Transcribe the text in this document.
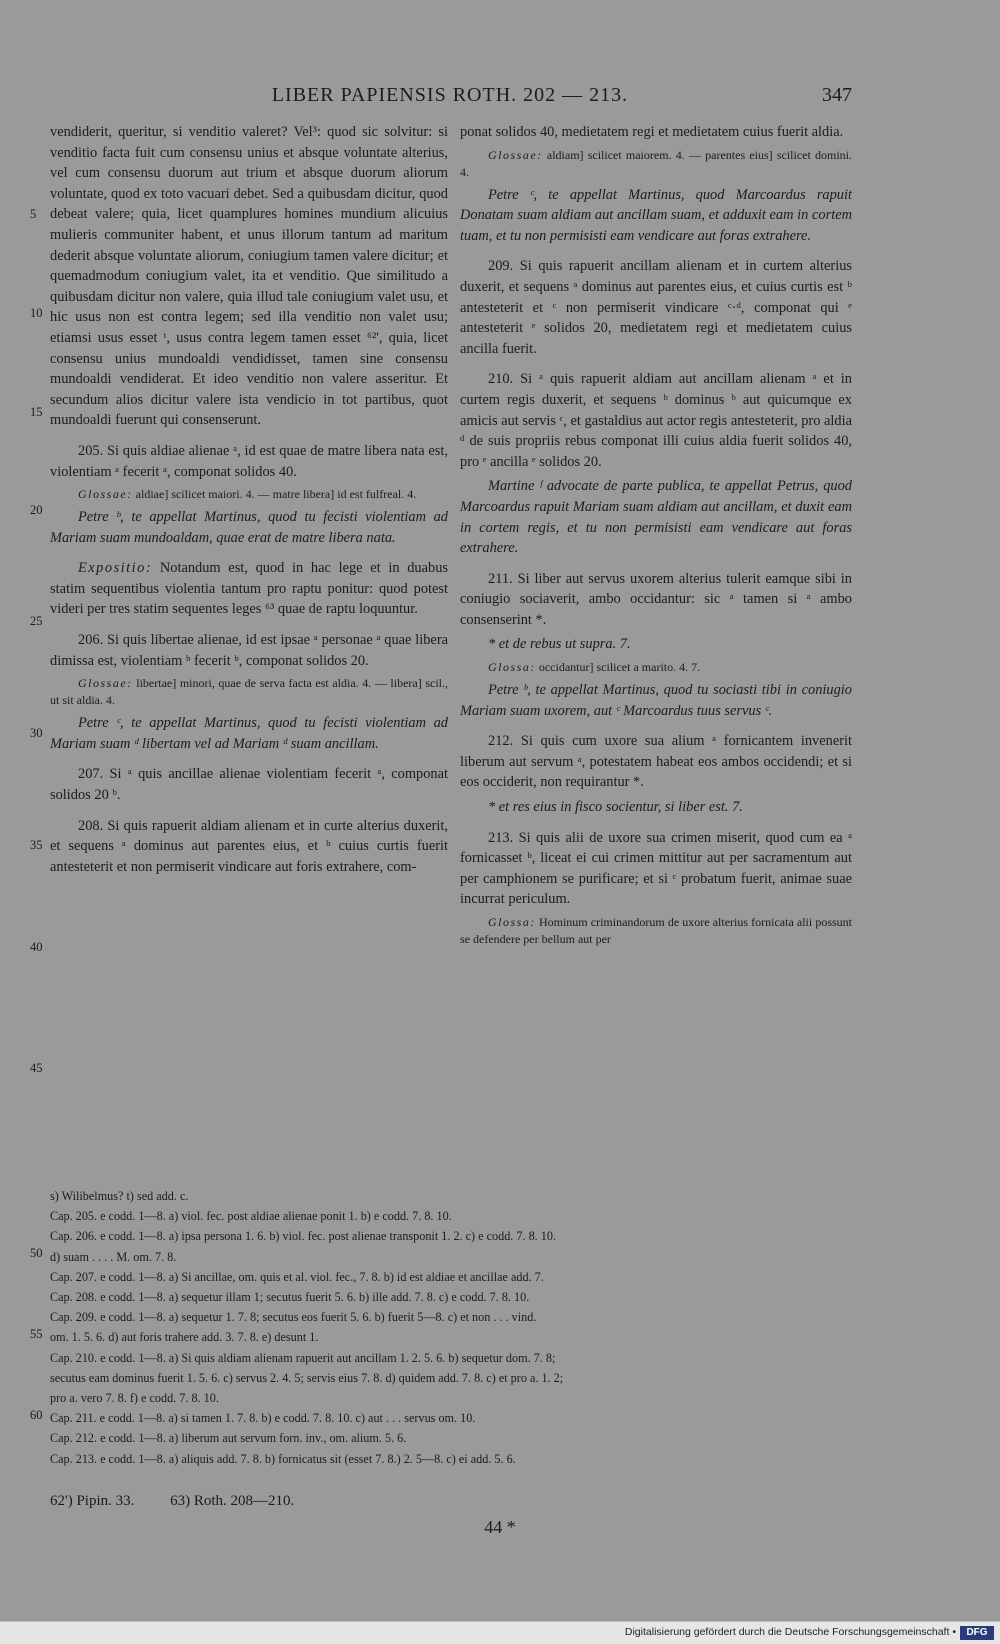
LIBER PAPIENSIS ROTH. 202 — 213.	347
5
10
15
20
25
30
35
40
45

vendiderit, queritur, si venditio valeret? Vel³: quod sic solvitur: si venditio facta fuit cum consensu unius et absque voluntate alterius, vel cum consensu duorum aut trium et absque duorum aliorum voluntate, quod ex toto vacuari debet. Sed a quibusdam dicitur, quod debeat valere; quia, licet quamplures homines mundium alicuius mulieris communiter habent, et unus illorum tantum ad maritum dederit absque voluntate aliorum, coniugium tamen valere dicitur; et quemadmodum coniugium valet, ita et venditio. Que similitudo a quibusdam dicitur non valere, quia illud tale coniugium valet usu, et hic usus non est contra legem; sed illa venditio non valet usu; etiamsi usus esset ᵗ, usus contra legem tamen esset ⁶²', quia, licet consensu unius mundoaldi vendidisset, tamen sine consensu mundoaldi vendiderat. Et ideo venditio non valere asseritur. Et secundum alios dicitur valere ista vendicio in tot partibus, quot mundoaldi fuerunt qui consenserunt.

205. Si quis aldiae alienae ᵃ, id est quae de matre libera nata est, violentiam ᵃ fecerit ᵃ, componat solidos 40.

Glossae: aldiae] scilicet maiori. 4. — matre libera] id est fulfreal. 4.

Petre ᵇ, te appellat Martinus, quod tu fecisti violentiam ad Mariam suam mundoaldam, quae erat de matre libera nata.

Expositio: Notandum est, quod in hac lege et in duabus statim sequentibus violentia tantum pro raptu ponitur: quod potest videri per tres statim sequentes leges ⁶³ quae de raptu loquuntur.

206. Si quis libertae alienae, id est ipsae ᵃ personae ᵃ quae libera dimissa est, violentiam ᵇ fecerit ᵇ, componat solidos 20.

Glossae: libertae] minori, quae de serva facta est aldia. 4. — libera] scil., ut sit aldia. 4.

Petre ᶜ, te appellat Martinus, quod tu fecisti violentiam ad Mariam suam ᵈ libertam vel ad Mariam ᵈ suam ancillam.

207. Si ᵃ quis ancillae alienae violentiam fecerit ᵃ, componat solidos 20 ᵇ.

208. Si quis rapuerit aldiam alienam et in curte alterius duxerit, et sequens ᵃ dominus aut parentes eius, et ᵇ cuius curtis fuerit antesteterit et non permiserit vindicare aut foris extrahere, com-

ponat solidos 40, medietatem regi et medietatem cuius fuerit aldia.

Glossae: aldiam] scilicet maiorem. 4. — parentes eius] scilicet domini. 4.

Petre ᶜ, te appellat Martinus, quod Marcoardus rapuit Donatam suam aldiam aut ancillam suam, et adduxit eam in cortem tuam, et tu non permisisti eam vendicare aut foras extrahere.

209. Si quis rapuerit ancillam alienam et in curtem alterius duxerit, et sequens ᵃ dominus aut parentes eius, et cuius curtis est ᵇ antesteterit et ᶜ non permiserit vindicare ᶜ·ᵈ, componat qui ᵉ antesteterit ᵉ solidos 20, medietatem regi et medietatem cuius ancilla fuerit.

210. Si ᵃ quis rapuerit aldiam aut ancillam alienam ᵃ et in curtem regis duxerit, et sequens ᵇ dominus ᵇ aut quicumque ex amicis aut servis ᶜ, et gastaldius aut actor regis antesteterit, pro aldia ᵈ de suis propriis rebus componat illi cuius aldia fuerit solidos 40, pro ᵉ ancilla ᵉ solidos 20.

Martine ᶠ advocate de parte publica, te appellat Petrus, quod Marcoardus rapuit Mariam suam aldiam aut ancillam, et duxit eam in cortem regis, et tu non permisisti eam vendicare aut foras extrahere.

211. Si liber aut servus uxorem alterius tulerit eamque sibi in coniugio sociaverit, ambo occidantur: sic ᵃ tamen si ᵃ ambo consenserint *.

* et de rebus ut supra. 7.

Glossa: occidantur] scilicet a marito. 4. 7.

Petre ᵇ, te appellat Martinus, quod tu sociasti tibi in coniugio Mariam suam uxorem, aut ᶜ Marcoardus tuus servus ᶜ.

212. Si quis cum uxore sua alium ᵃ fornicantem invenerit liberum aut servum ᵃ, potestatem habeat eos ambos occidendi; et si eos occiderit, non requirantur *.

* et res eius in fisco socientur, si liber est. 7.

213. Si quis alii de uxore sua crimen miserit, quod cum ea ᵃ fornicasset ᵇ, liceat ei cui crimen mittitur aut per sacramentum aut per camphionem se purificare; et si ᶜ probatum fuerit, animae suae incurrat periculum.

Glossa: Hominum criminandorum de uxore alterius fornicata alii possunt se defendere per bellum aut per

50
55
60
s) Wilibelmus? t) sed add. c.
Cap. 205. e codd. 1—8. a) viol. fec. post aldiae alienae ponit 1. b) e codd. 7. 8. 10.
Cap. 206. e codd. 1—8. a) ipsa persona 1. 6. b) viol. fec. post alienae transponit 1. 2. c) e codd. 7. 8. 10.
d) suam . . . . M. om. 7. 8.
Cap. 207. e codd. 1—8. a) Si ancillae, om. quis et al. viol. fec., 7. 8. b) id est aldiae et ancillae add. 7.
Cap. 208. e codd. 1—8. a) sequetur illam 1; secutus fuerit 5. 6. b) ille add. 7. 8. c) e codd. 7. 8. 10.
Cap. 209. e codd. 1—8. a) sequetur 1. 7. 8; secutus eos fuerit 5. 6. b) fuerit 5—8. c) et non . . . vind.
om. 1. 5. 6. d) aut foris trahere add. 3. 7. 8. e) desunt 1.
Cap. 210. e codd. 1—8. a) Si quis aldiam alienam rapuerit aut ancillam 1. 2. 5. 6. b) sequetur dom. 7. 8;
secutus eam dominus fuerit 1. 5. 6. c) servus 2. 4. 5; servis eius 7. 8. d) quidem add. 7. 8. c) et pro a. 1. 2;
pro a. vero 7. 8. f) e codd. 7. 8. 10.
Cap. 211. e codd. 1—8. a) si tamen 1. 7. 8. b) e codd. 7. 8. 10. c) aut . . . servus om. 10.
Cap. 212. e codd. 1—8. a) liberum aut servum forn. inv., om. alium. 5. 6.
Cap. 213. e codd. 1—8. a) aliquis add. 7. 8. b) fornicatus sit (esset 7. 8.) 2. 5—8. c) ei add. 5. 6.
62') Pipin. 33. 63) Roth. 208—210.
44 *
Digitalisierung gefördert durch die Deutsche Forschungsgemeinschaft •	DFG
